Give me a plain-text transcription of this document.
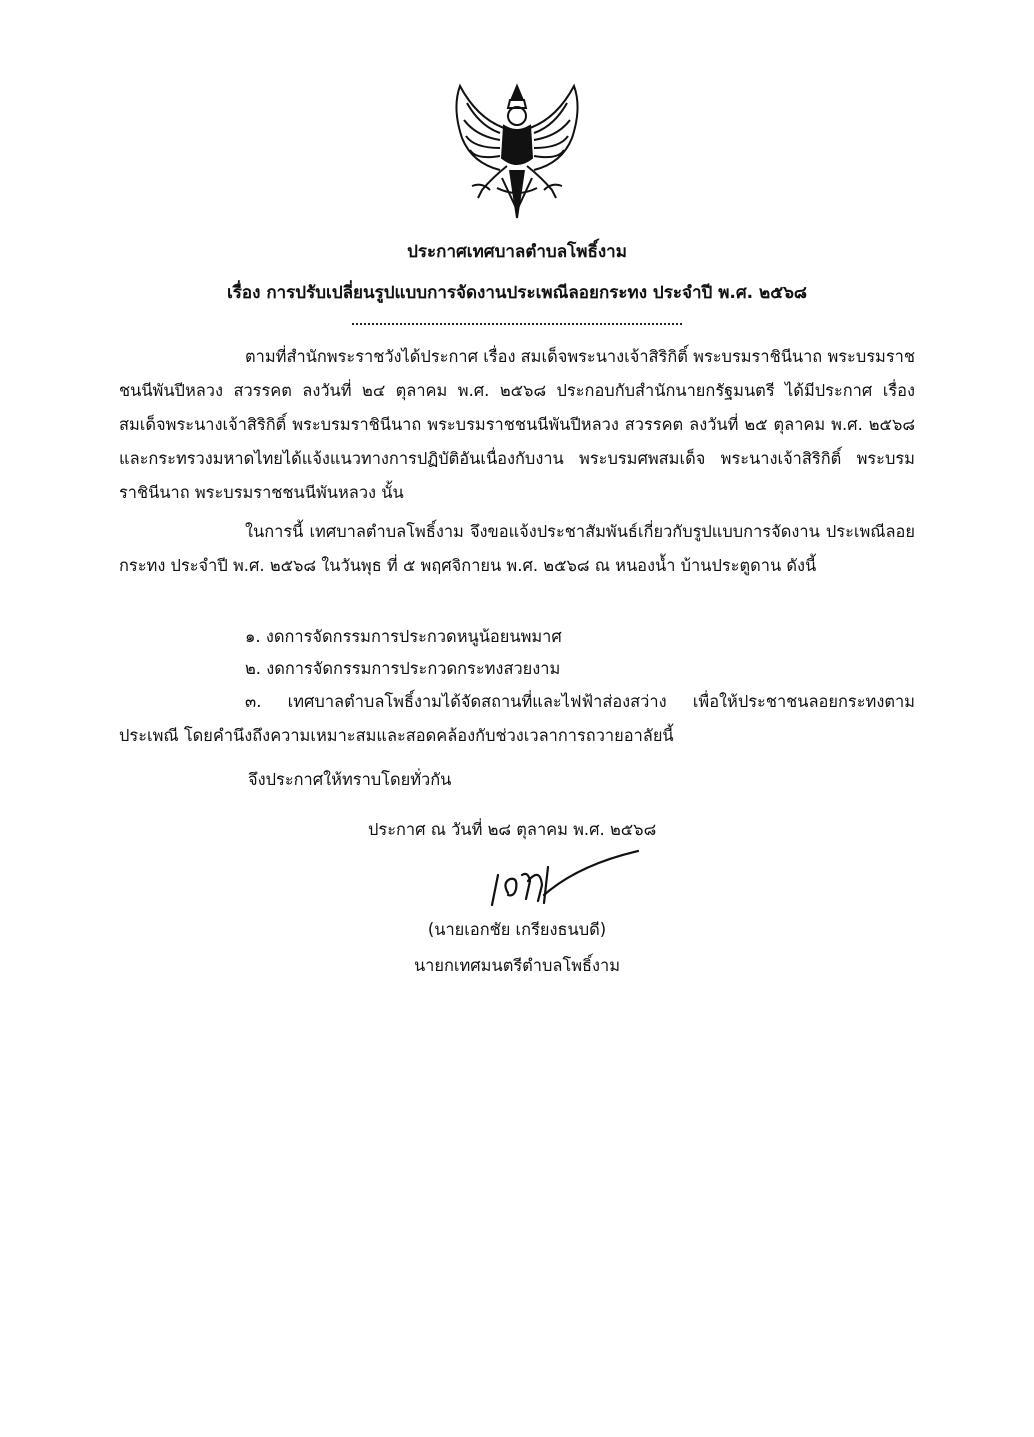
ประกาศเทศบาลตำบลโพธิ์งาม
เรื่อง การปรับเปลี่ยนรูปแบบการจัดงานประเพณีลอยกระทง ประจำปี พ.ศ. ๒๕๖๘
ตามที่สำนักพระราชวังได้ประกาศ เรื่อง สมเด็จพระนางเจ้าสิริกิติ์ พระบรมราชินีนาถ พระบรมราชชนนีพันปีหลวง สวรรคต ลงวันที่ ๒๔ ตุลาคม พ.ศ. ๒๕๖๘ ประกอบกับสำนักนายกรัฐมนตรี ได้มีประกาศ เรื่อง สมเด็จพระนางเจ้าสิริกิติ์ พระบรมราชินีนาถ พระบรมราชชนนีพันปีหลวง สวรรคต ลงวันที่ ๒๕ ตุลาคม พ.ศ. ๒๕๖๘ และกระทรวงมหาดไทยได้แจ้งแนวทางการปฏิบัติอันเนื่องกับงาน พระบรมศพสมเด็จ พระนางเจ้าสิริกิติ์ พระบรมราชินีนาถ พระบรมราชชนนีพันหลวง นั้น
ในการนี้ เทศบาลตำบลโพธิ์งาม จึงขอแจ้งประชาสัมพันธ์เกี่ยวกับรูปแบบการจัดงาน ประเพณีลอยกระทง ประจำปี พ.ศ. ๒๕๖๘ ในวันพุธ ที่ ๕ พฤศจิกายน พ.ศ. ๒๕๖๘ ณ หนองน้ำ บ้านประตูดาน ดังนี้
๑. งดการจัดกรรมการประกวดหนูน้อยนพมาศ
๒. งดการจัดกรรมการประกวดกระทงสวยงาม
๓. เทศบาลตำบลโพธิ์งามได้จัดสถานที่และไฟฟ้าส่องสว่าง เพื่อให้ประชาชนลอยกระทงตาม ประเพณี โดยคำนึงถึงความเหมาะสมและสอดคล้องกับช่วงเวลาการถวายอาลัยนี้
จึงประกาศให้ทราบโดยทั่วกัน
ประกาศ ณ วันที่ ๒๘ ตุลาคม พ.ศ. ๒๕๖๘
(นายเอกชัย เกรียงธนบดี)
นายกเทศมนตรีตำบลโพธิ์งาม
